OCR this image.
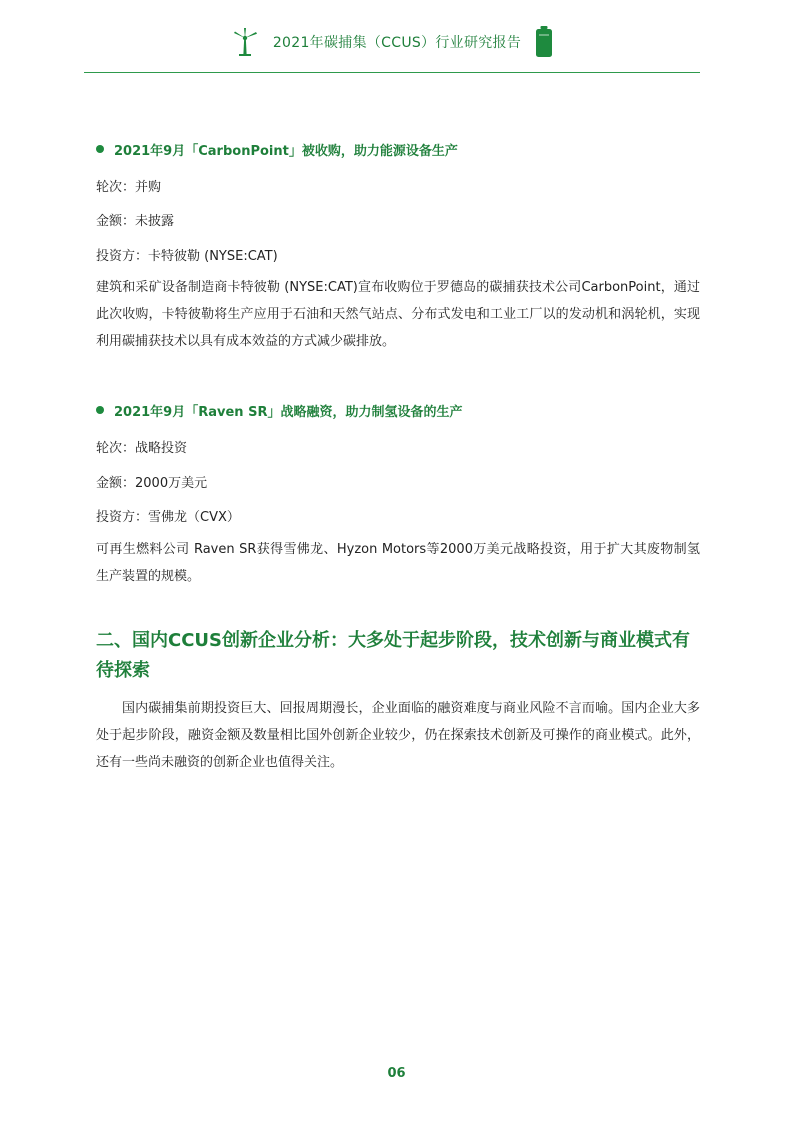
2021年碳捕集（CCUS）行业研究报告
2021年9月「CarbonPoint」被收购，助力能源设备生产
轮次：并购
金额：未披露
投资方：卡特彼勒 (NYSE:CAT)
建筑和采矿设备制造商卡特彼勒 (NYSE:CAT)宣布收购位于罗德岛的碳捕获技术公司CarbonPoint，通过此次收购，卡特彼勒将生产应用于石油和天然气站点、分布式发电和工业工厂以的发动机和涡轮机，实现利用碳捕获技术以具有成本效益的方式减少碳排放。
2021年9月「Raven SR」战略融资，助力制氢设备的生产
轮次：战略投资
金额：2000万美元
投资方：雪佛龙（CVX）
可再生燃料公司 Raven SR获得雪佛龙、Hyzon Motors等2000万美元战略投资，用于扩大其废物制氢生产装置的规模。
二、国内CCUS创新企业分析：大多处于起步阶段，技术创新与商业模式有待探索
国内碳捕集前期投资巨大、回报周期漫长，企业面临的融资难度与商业风险不言而喻。国内企业大多处于起步阶段，融资金额及数量相比国外创新企业较少，仍在探索技术创新及可操作的商业模式。此外，还有一些尚未融资的创新企业也值得关注。
06
